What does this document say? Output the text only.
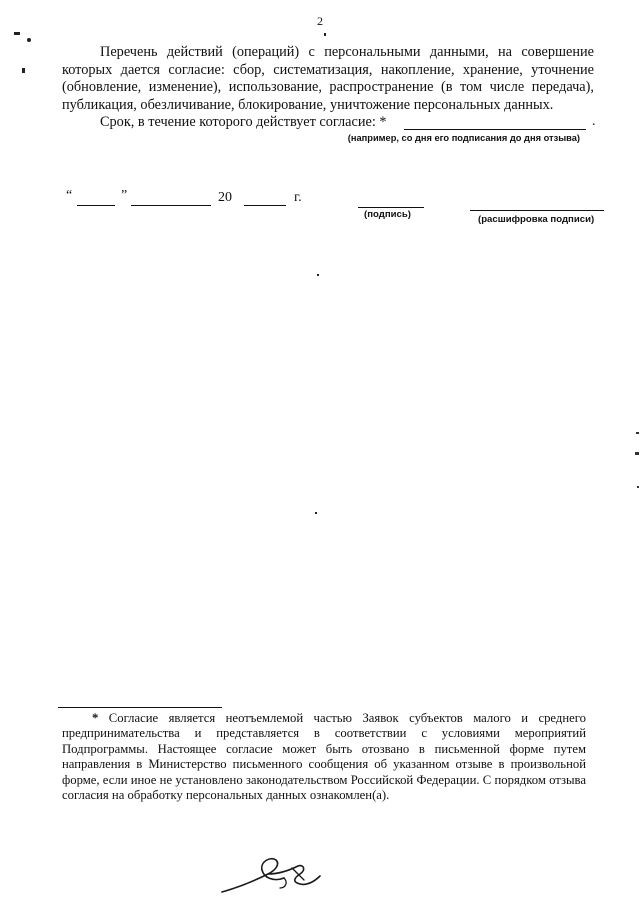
2

Перечень действий (операций) с персональными данными, на совершение которых дается согласие: сбор, систематизация, накопление, хранение, уточнение (обновление, изменение), использование, распространение (в том числе передача), публикация, обезличивание, блокирование, уничтожение персональных данных.

Срок, в течение которого действует согласие: *	.
(например, со дня его подписания до дня отзыва)
“	”	20	г.
(подпись)	(расшифровка подписи)

* Согласие является неотъемлемой частью Заявок субъектов малого и среднего предпринимательства и представляется в соответствии с условиями мероприятий Подпрограммы. Настоящее согласие может быть отозвано в письменной форме путем направления в Министерство письменного сообщения об указанном отзыве в произвольной форме, если иное не установлено законодательством Российской Федерации. С порядком отзыва согласия на обработку персональных данных ознакомлен(а).
